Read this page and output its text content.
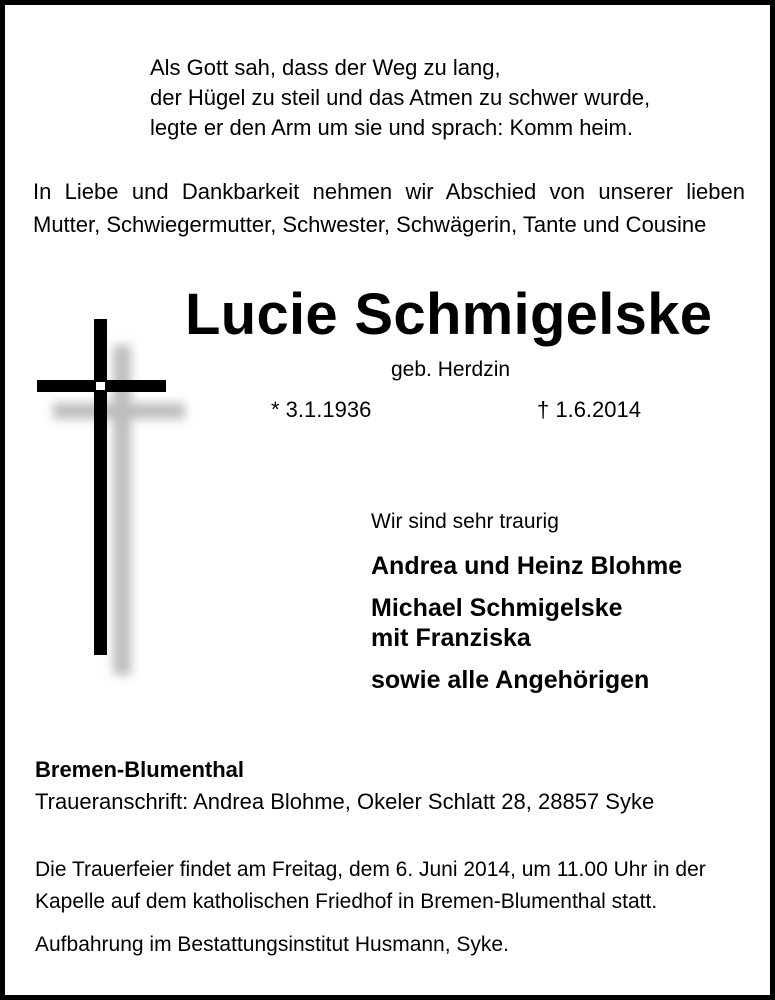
Als Gott sah, dass der Weg zu lang,
der Hügel zu steil und das Atmen zu schwer wurde,
legte er den Arm um sie und sprach: Komm heim.
In Liebe und Dankbarkeit nehmen wir Abschied von unserer lieben
Mutter, Schwiegermutter, Schwester, Schwägerin, Tante und Cousine
Lucie Schmigelske
geb. Herdzin
* 3.1.1936	† 1.6.2014
Wir sind sehr traurig
Andrea und Heinz Blohme
Michael Schmigelske
mit Franziska
sowie alle Angehörigen
Bremen-Blumenthal
Traueranschrift: Andrea Blohme, Okeler Schlatt 28, 28857 Syke
Die Trauerfeier findet am Freitag, dem 6. Juni 2014, um 11.00 Uhr in der
Kapelle auf dem katholischen Friedhof in Bremen-Blumenthal statt.
Aufbahrung im Bestattungsinstitut Husmann, Syke.
